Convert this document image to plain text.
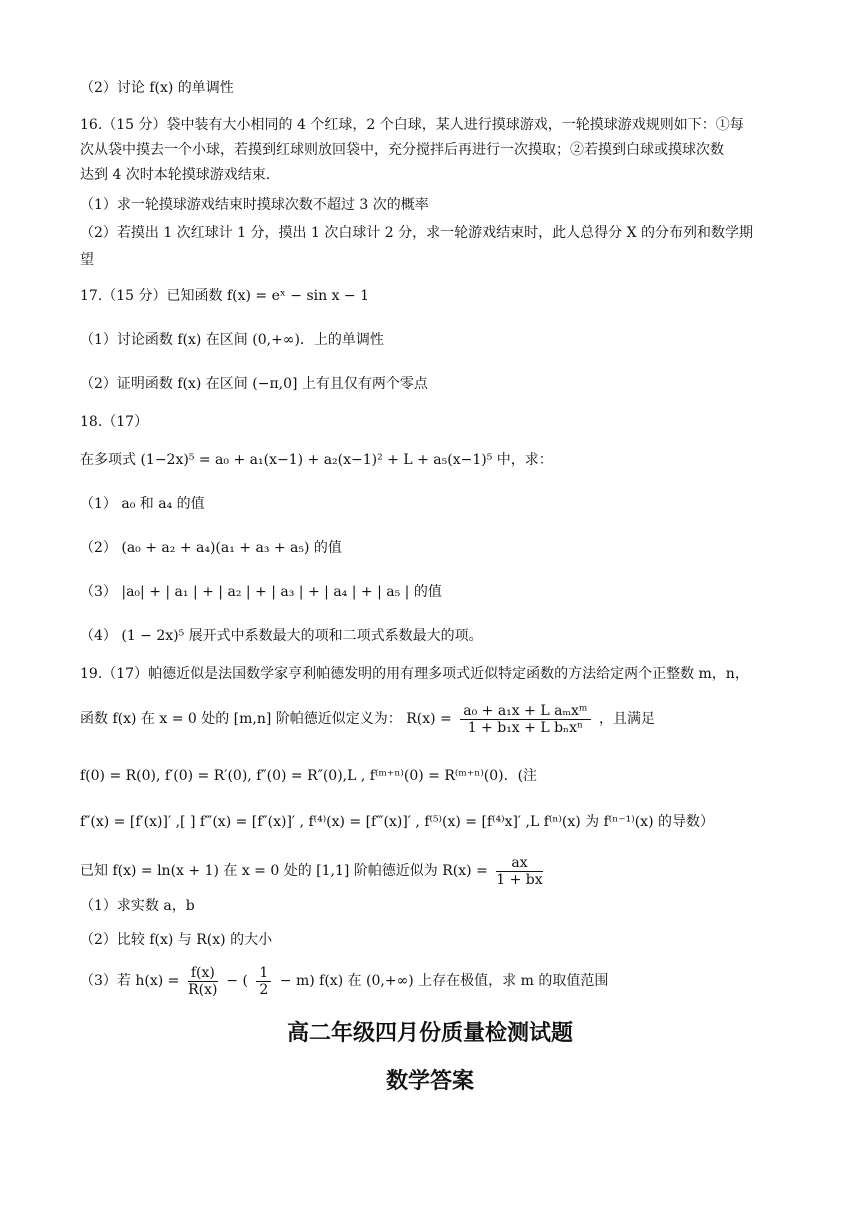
（2）讨论 f(x) 的单调性
16.（15 分）袋中装有大小相同的 4 个红球，2 个白球，某人进行摸球游戏，一轮摸球游戏规则如下：①每
次从袋中摸去一个小球，若摸到红球则放回袋中，充分搅拌后再进行一次摸取；②若摸到白球或摸球次数
达到 4 次时本轮摸球游戏结束.
（1）求一轮摸球游戏结束时摸球次数不超过 3 次的概率
（2）若摸出 1 次红球计 1 分，摸出 1 次白球计 2 分，求一轮游戏结束时，此人总得分 X 的分布列和数学期
望
17.（15 分）已知函数 f(x) = eˣ − sin x − 1
（1）讨论函数 f(x) 在区间 (0,+∞)．上的单调性
（2）证明函数 f(x) 在区间 (−π,0] 上有且仅有两个零点
18.（17）
在多项式 (1−2x)⁵ = a₀ + a₁(x−1) + a₂(x−1)² + L + a₅(x−1)⁵ 中，求：
（1） a₀ 和 a₄ 的值
（2） (a₀ + a₂ + a₄)(a₁ + a₃ + a₅) 的值
（3） |a₀| + | a₁ | + | a₂ | + | a₃ | + | a₄ | + | a₅ | 的值
（4） (1 − 2x)⁵ 展开式中系数最大的项和二项式系数最大的项。
19.（17）帕德近似是法国数学家亨利帕德发明的用有理多项式近似特定函数的方法给定两个正整数 m，n，
函数 f(x) 在 x = 0 处的 [m,n] 阶帕德近似定义为： $R(x) = \frac{\text{a₀ + a₁x + L aₘxᵐ}}{\text{1 + b₁x + L bₙxⁿ}}$ ，且满足
f(0) = R(0), f′(0) = R′(0), f″(0) = R″(0),L , f⁽ᵐ⁺ⁿ⁾(0) = R⁽ᵐ⁺ⁿ⁾(0)．(注
f″(x) = [f′(x)]′ ,[ ] f‴(x) = [f″(x)]′ , f⁽⁴⁾(x) = [f‴(x)]′ , f⁽⁵⁾(x) = [f⁽⁴⁾x]′ ,L f⁽ⁿ⁾(x) 为 f⁽ⁿ⁻¹⁾(x) 的导数）
已知 f(x) = ln(x + 1) 在 x = 0 处的 [1,1] 阶帕德近似为 $R(x) = \frac{ax}{1 + bx}$
（1）求实数 a，b
（2）比较 f(x) 与 R(x) 的大小
（3）若 $h(x) = \frac{f(x)}{R(x)}$ − ( $\frac{1}{2} - m$) f(x) 在 (0,+∞) 上存在极值，求 m 的取值范围
高二年级四月份质量检测试题
数学答案
